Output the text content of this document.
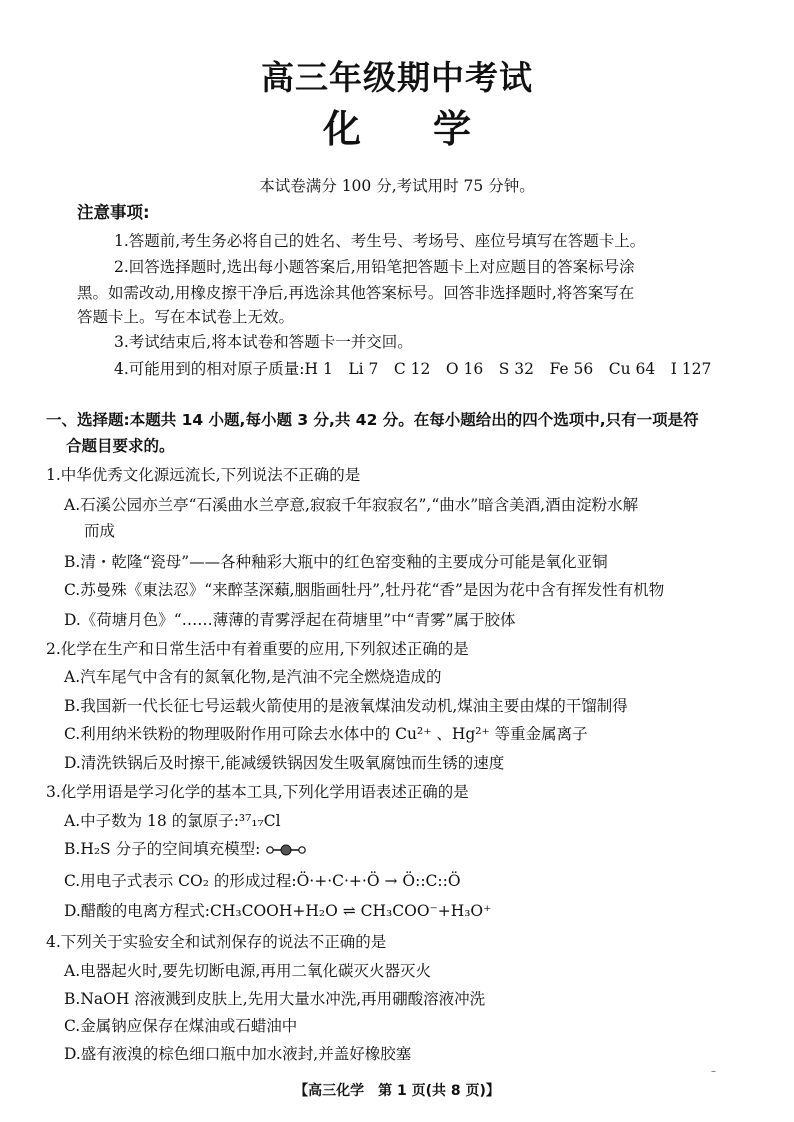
高三年级期中考试
化 学
本试卷满分 100 分,考试用时 75 分钟。
注意事项:
1.答题前,考生务必将自己的姓名、考生号、考场号、座位号填写在答题卡上。
2.回答选择题时,选出每小题答案后,用铅笔把答题卡上对应题目的答案标号涂
黑。如需改动,用橡皮擦干净后,再选涂其他答案标号。回答非选择题时,将答案写在
答题卡上。写在本试卷上无效。
3.考试结束后,将本试卷和答题卡一并交回。
4.可能用到的相对原子质量:H 1　Li 7　C 12　O 16　S 32　Fe 56　Cu 64　I 127
一、选择题:本题共 14 小题,每小题 3 分,共 42 分。在每小题给出的四个选项中,只有一项是符
合题目要求的。
1.中华优秀文化源远流长,下列说法不正确的是
A.石溪公园亦兰亭“石溪曲水兰亭意,寂寂千年寂寂名”,“曲水”暗含美酒,酒由淀粉水解
而成
B.清・乾隆“瓷母”——各种釉彩大瓶中的红色窑变釉的主要成分可能是氧化亚铜
C.苏曼殊《東法忍》“来醉茎深蘱,胭脂画牡丹”,牡丹花“香”是因为花中含有挥发性有机物
D.《荷塘月色》“……薄薄的青雾浮起在荷塘里”中“青雾”属于胶体
2.化学在生产和日常生活中有着重要的应用,下列叙述正确的是
A.汽车尾气中含有的氮氧化物,是汽油不完全燃烧造成的
B.我国新一代长征七号运载火箭使用的是液氧煤油发动机,煤油主要由煤的干馏制得
C.利用纳米铁粉的物理吸附作用可除去水体中的 Cu²⁺ 、Hg²⁺ 等重金属离子
D.清洗铁锅后及时擦干,能减缓铁锅因发生吸氧腐蚀而生锈的速度
3.化学用语是学习化学的基本工具,下列化学用语表述正确的是
A.中子数为 18 的氯原子:³⁷₁₇Cl
B.H₂S 分子的空间填充模型:
C.用电子式表示 CO₂ 的形成过程:Ö·+·C·+·Ö → Ö::C::Ö
D.醋酸的电离方程式:CH₃COOH+H₂O ⇌ CH₃COO⁻+H₃O⁺
4.下列关于实验安全和试剂保存的说法不正确的是
A.电器起火时,要先切断电源,再用二氧化碳灭火器灭火
B.NaOH 溶液溅到皮肤上,先用大量水冲洗,再用硼酸溶液冲洗
C.金属钠应保存在煤油或石蜡油中
D.盛有液溴的棕色细口瓶中加水液封,并盖好橡胶塞
–
【高三化学　第 1 页(共 8 页)】
